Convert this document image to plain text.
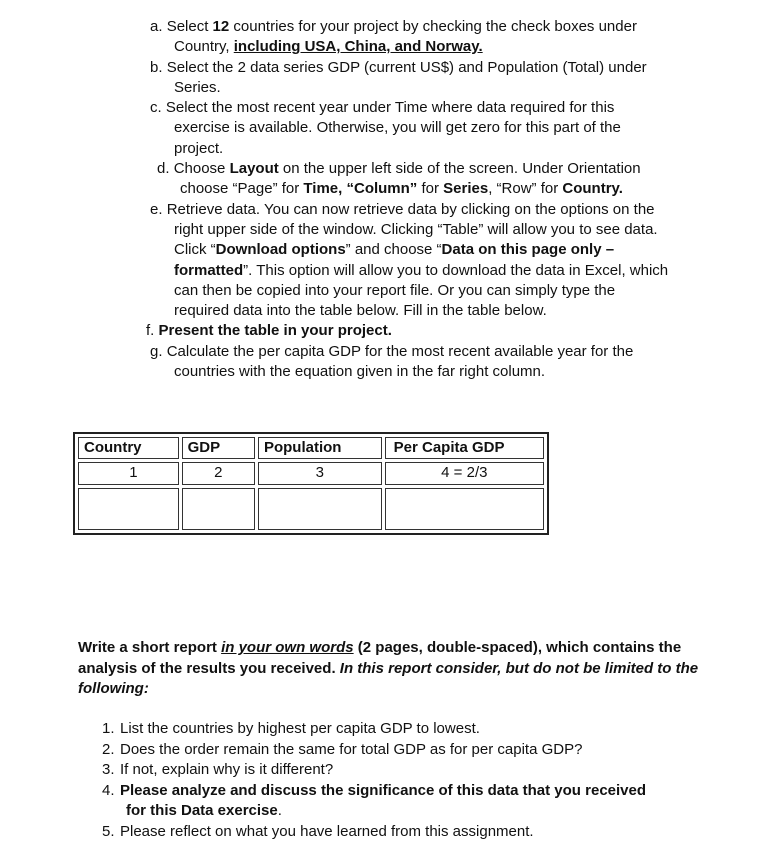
a. Select 12 countries for your project by checking the check boxes under
Country, including USA, China, and Norway.
b. Select the 2 data series GDP (current US$) and Population (Total) under
Series.
c. Select the most recent year under Time where data required for this
exercise is available. Otherwise, you will get zero for this part of the
project.
d. Choose Layout on the upper left side of the screen. Under Orientation
choose “Page” for Time, “Column” for Series, “Row” for Country.
e. Retrieve data. You can now retrieve data by clicking on the options on the
right upper side of the window. Clicking “Table” will allow you to see data.
Click “Download options” and choose “Data on this page only –
formatted”. This option will allow you to download the data in Excel, which
can then be copied into your report file. Or you can simply type the
required data into the table below. Fill in the table below.
f. Present the table in your project.
g. Calculate the per capita GDP for the most recent available year for the
countries with the equation given in the far right column.
Country	GDP	Population	Per Capita GDP
1	2	3	4 = 2/3

Write a short report in your own words (2 pages, double-spaced), which contains the analysis of the results you received. In this report consider, but do not be limited to the following:
1. List the countries by highest per capita GDP to lowest.
2. Does the order remain the same for total GDP as for per capita GDP?
3. If not, explain why is it different?
4. Please analyze and discuss the significance of this data that you received
for this Data exercise.
5. Please reflect on what you have learned from this assignment.
